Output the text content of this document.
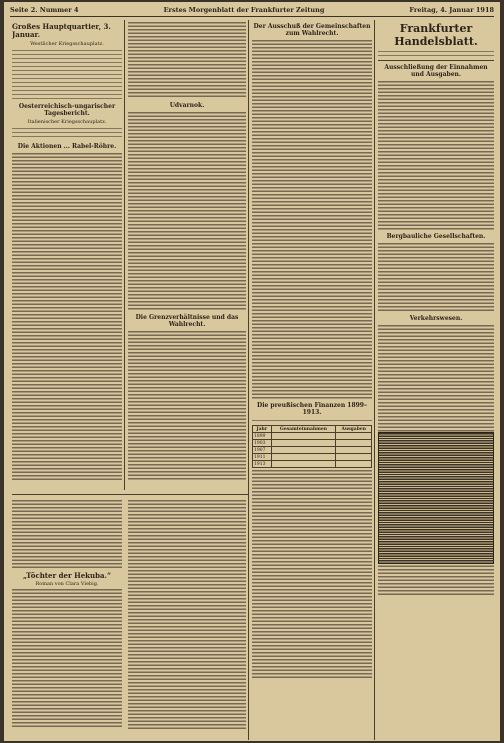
Seite 2. Nummer 4	Erstes Morgenblatt der Frankfurter Zeitung	Freitag, 4. Januar 1918
Großes Hauptquartier, 3. Januar.
Westlicher Kriegsschauplatz.
Oesterreichisch-ungarischer Tagesbericht.
Italienischer Kriegsschauplatz.
Die Aktionen ... Rabel-Röhre.
Udvarnok.
Die Grenzverhältnisse und das Wahlrecht.
„Töchter der Hekuba.“
Roman von Clara Viebig.
Der Ausschuß der Gemeinschaften zum Wahlrecht.
Die preußischen Finanzen 1899–1913.
Jahr	Gesamteinnahmen	Ausgaben
1899		
1903		
1907		
1911		
1913		
Frankfurter Handelsblatt.
Ausschließung der Einnahmen und Ausgaben.
Bergbauliche Gesellschaften.
Verkehrswesen.
